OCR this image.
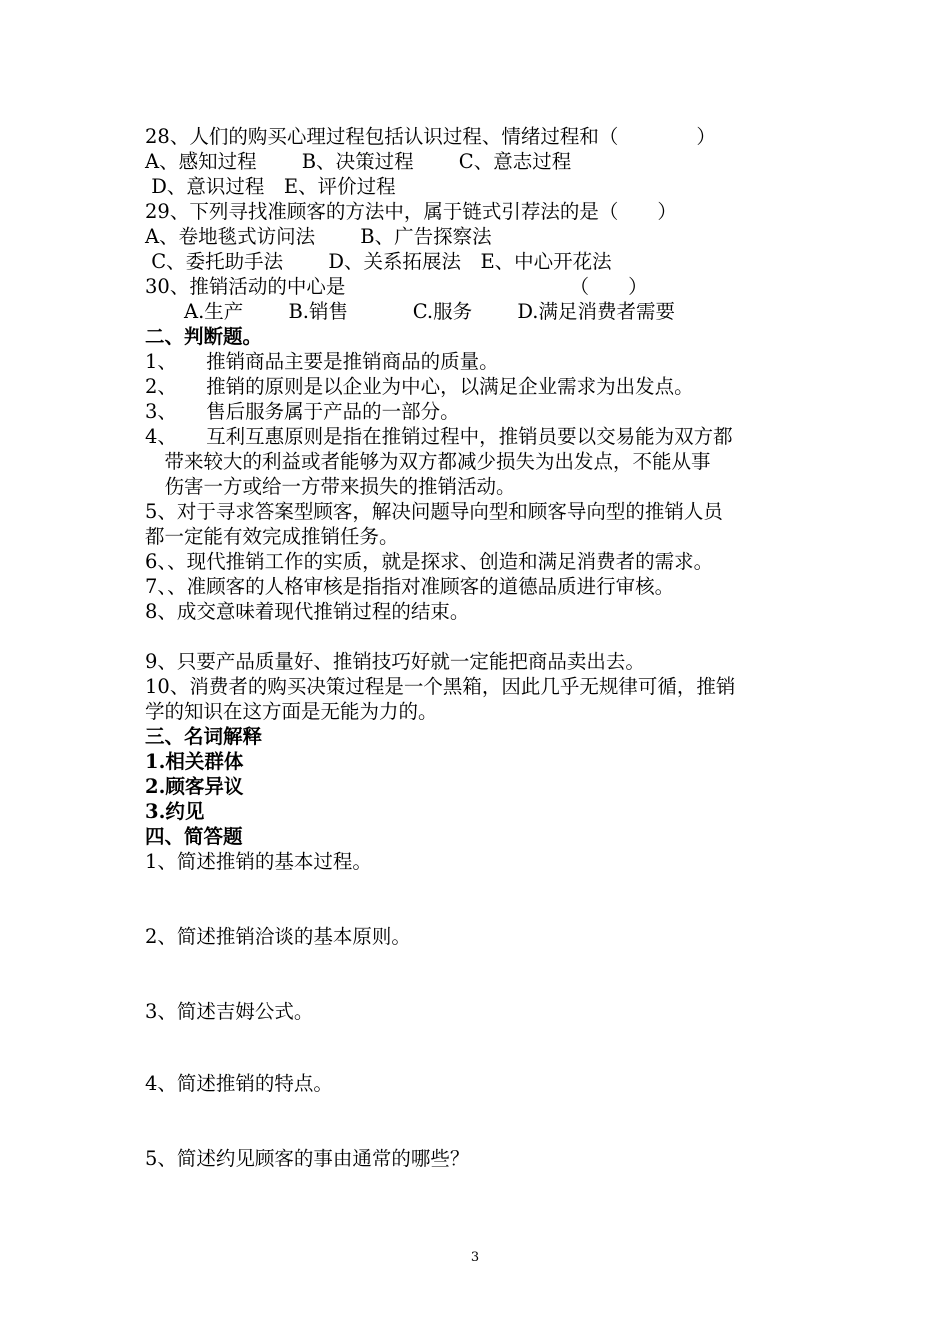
28、人们的购买心理过程包括认识过程、情绪过程和（　　　　）
A、感知过程　　 B、决策过程　　 C、意志过程
D、意识过程　E、评价过程
29、下列寻找准顾客的方法中，属于链式引荐法的是（　　）
A、卷地毯式访问法　　 B、广告探察法
C、委托助手法　　 D、关系拓展法　E、中心开花法
30、推销活动的中心是　　　　　　　　　　　　（　　）
　　A.生产　　 B.销售　　　 C.服务　　 D.满足消费者需要
二、判断题。
1、　　推销商品主要是推销商品的质量。
2、　　推销的原则是以企业为中心，以满足企业需求为出发点。
3、　　售后服务属于产品的一部分。
4、　　互利互惠原则是指在推销过程中，推销员要以交易能为双方都
　带来较大的利益或者能够为双方都减少损失为出发点，不能从事
　伤害一方或给一方带来损失的推销活动。
5、对于寻求答案型顾客，解决问题导向型和顾客导向型的推销人员
都一定能有效完成推销任务。
6、、现代推销工作的实质，就是探求、创造和满足消费者的需求。
7、、准顾客的人格审核是指指对准顾客的道德品质进行审核。
8、成交意味着现代推销过程的结束。
9、只要产品质量好、推销技巧好就一定能把商品卖出去。
10、消费者的购买决策过程是一个黑箱，因此几乎无规律可循，推销
学的知识在这方面是无能为力的。
三、名词解释
1.相关群体
2.顾客异议
3.约见
四、简答题
1、简述推销的基本过程。
2、简述推销洽谈的基本原则。
3、简述吉姆公式。
4、简述推销的特点。
5、简述约见顾客的事由通常的哪些？
3
